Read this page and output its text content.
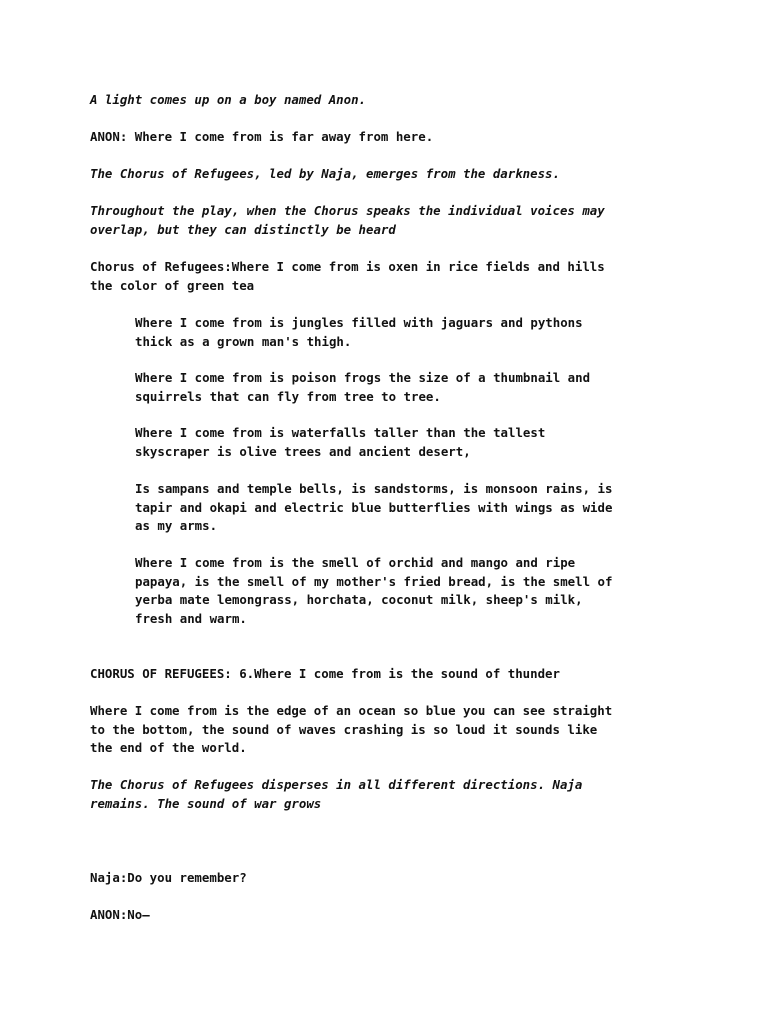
A light comes up on a boy named Anon.

ANON: Where I come from is far away from here.

The Chorus of Refugees, led by Naja, emerges from the darkness.

Throughout the play, when the Chorus speaks the individual voices may
overlap, but they can distinctly be heard

Chorus of Refugees:Where I come from is oxen in rice fields and hills
the color of green tea

Where I come from is jungles filled with jaguars and pythons
thick as a grown man's thigh.

Where I come from is poison frogs the size of a thumbnail and
squirrels that can fly from tree to tree.

Where I come from is waterfalls taller than the tallest
skyscraper is olive trees and ancient desert,

Is sampans and temple bells, is sandstorms, is monsoon rains, is
tapir and okapi and electric blue butterflies with wings as wide
as my arms.

Where I come from is the smell of orchid and mango and ripe
papaya, is the smell of my mother's fried bread, is the smell of
yerba mate lemongrass, horchata, coconut milk, sheep's milk,
fresh and warm.

CHORUS OF REFUGEES: 6.Where I come from is the sound of thunder

Where I come from is the edge of an ocean so blue you can see straight
to the bottom, the sound of waves crashing is so loud it sounds like
the end of the world.

The Chorus of Refugees disperses in all different directions. Naja
remains. The sound of war grows

Naja:Do you remember?

ANON:No—
